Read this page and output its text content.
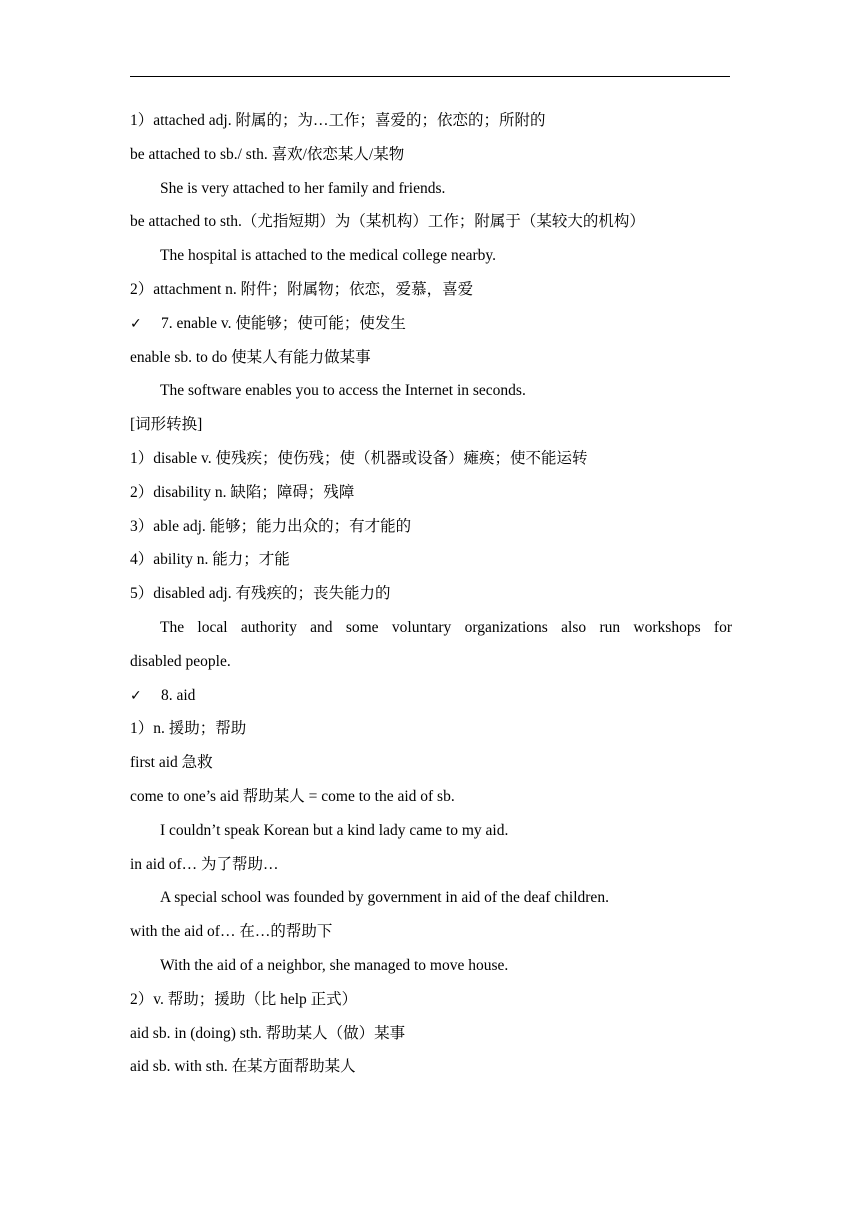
1）attached adj. 附属的；为…工作；喜爱的；依恋的；所附的
be attached to sb./ sth. 喜欢/依恋某人/某物
She is very attached to her family and friends.
be attached to sth.（尤指短期）为（某机构）工作；附属于（某较大的机构）
The hospital is attached to the medical college nearby.
2）attachment n. 附件；附属物；依恋，爱慕，喜爱
✓ 7. enable v. 使能够；使可能；使发生
enable sb. to do 使某人有能力做某事
The software enables you to access the Internet in seconds.
[词形转换]
1）disable v. 使残疾；使伤残；使（机器或设备）瘫痪；使不能运转
2）disability n. 缺陷；障碍；残障
3）able adj. 能够；能力出众的；有才能的
4）ability n. 能力；才能
5）disabled adj. 有残疾的；丧失能力的
The local authority and some voluntary organizations also run workshops for
disabled people.
✓ 8. aid
1）n. 援助；帮助
first aid 急救
come to one’s aid 帮助某人 = come to the aid of sb.
I couldn’t speak Korean but a kind lady came to my aid.
in aid of… 为了帮助…
A special school was founded by government in aid of the deaf children.
with the aid of… 在…的帮助下
With the aid of a neighbor, she managed to move house.
2）v. 帮助；援助（比 help 正式）
aid sb. in (doing) sth. 帮助某人（做）某事
aid sb. with sth. 在某方面帮助某人
